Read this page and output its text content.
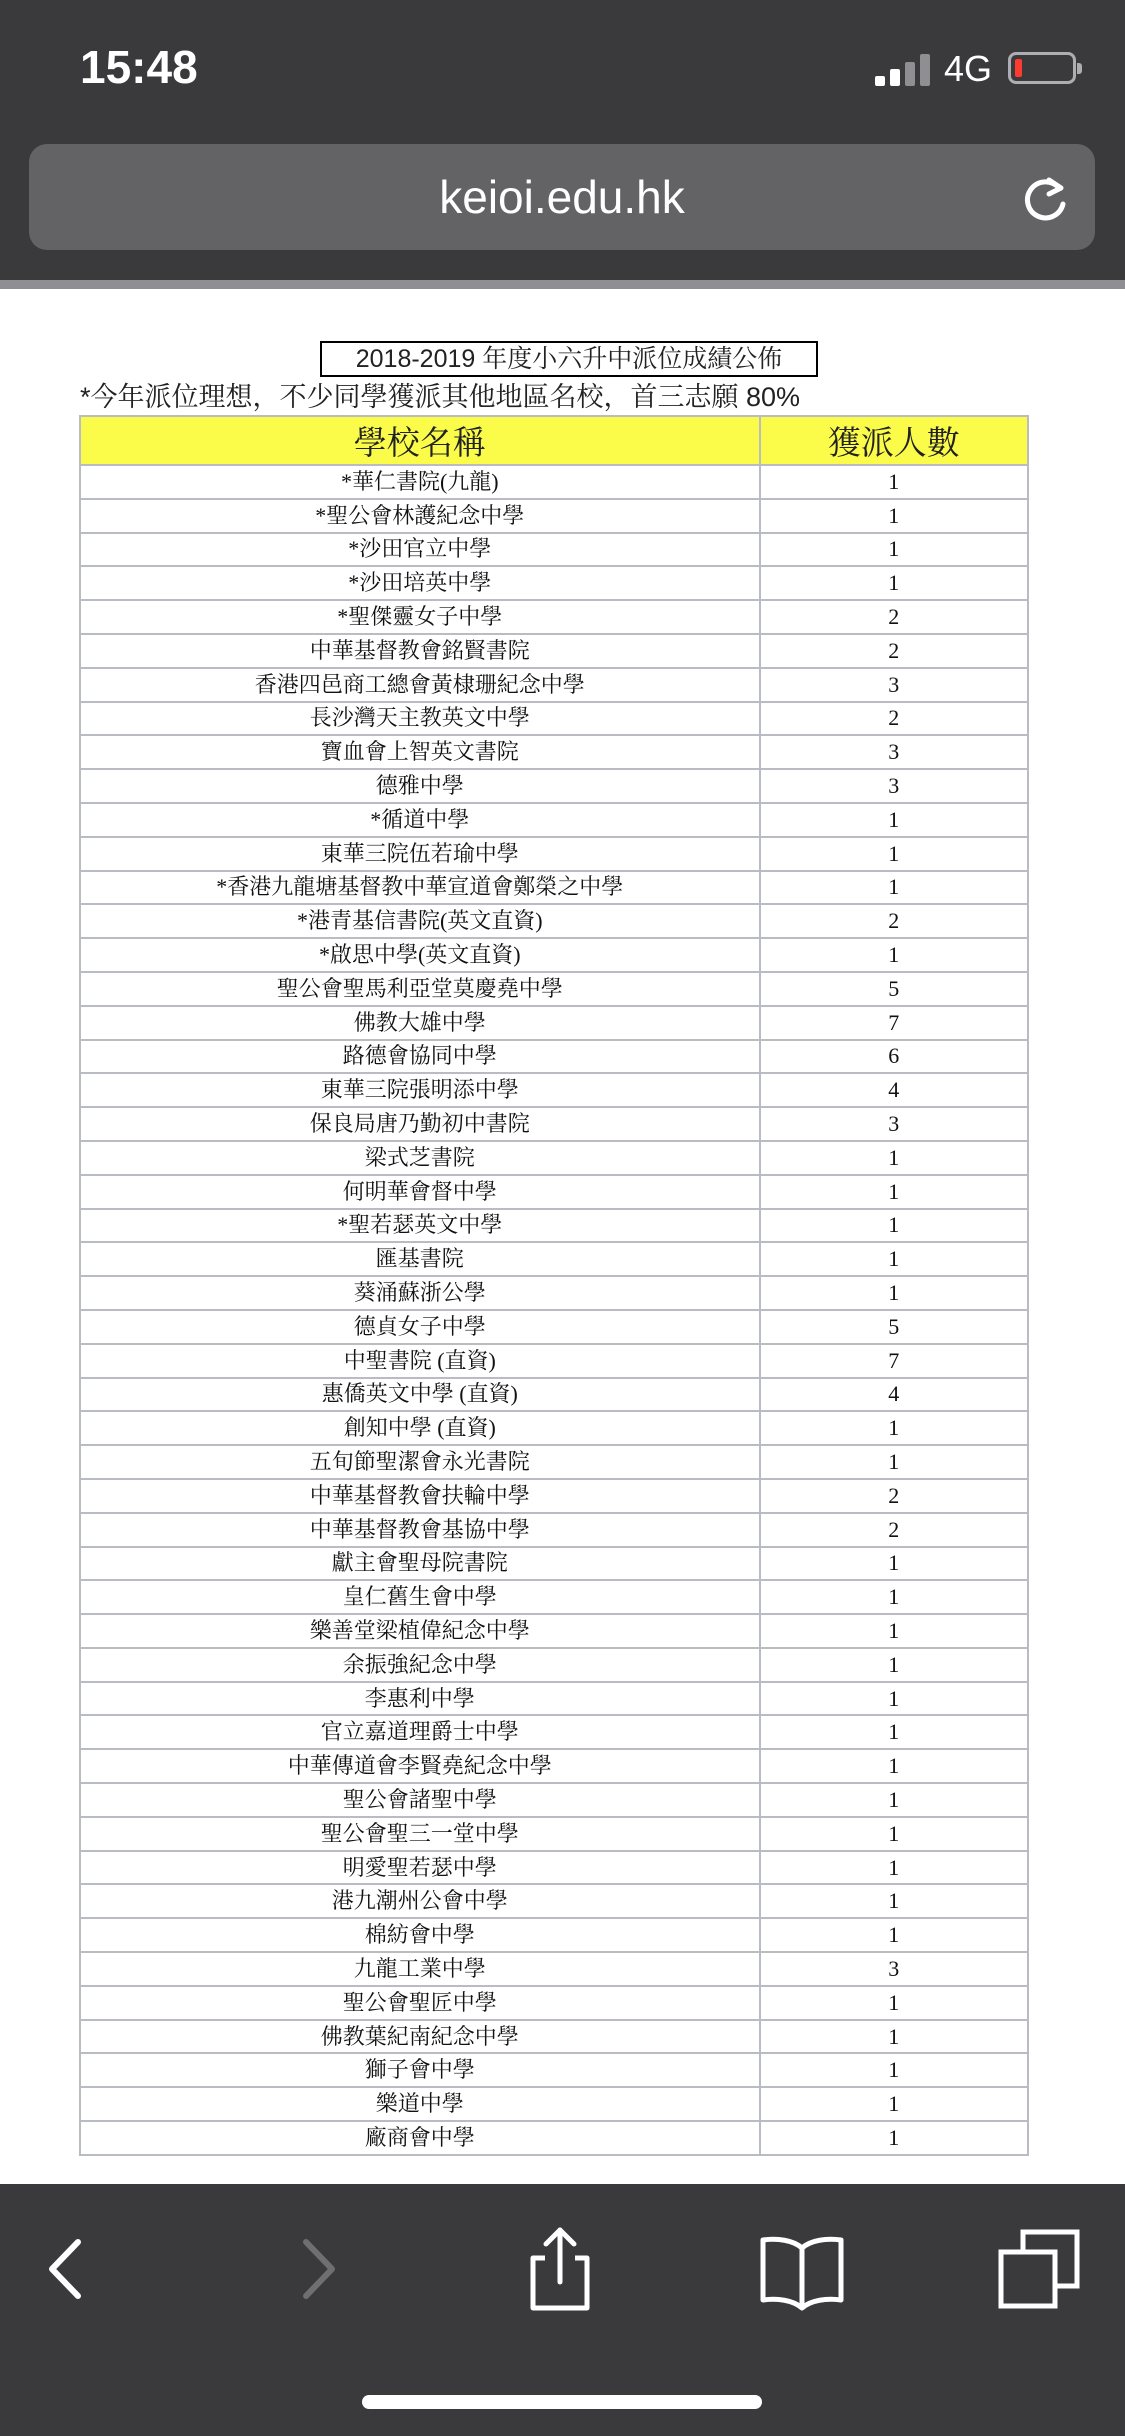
15:48	4G
keioi.edu.hk
2018-2019 年度小六升中派位成績公佈
*今年派位理想，不少同學獲派其他地區名校，首三志願 80%
學校名稱	獲派人數
*華仁書院(九龍)	1
*聖公會林護紀念中學	1
*沙田官立中學	1
*沙田培英中學	1
*聖傑靈女子中學	2
中華基督教會銘賢書院	2
香港四邑商工總會黃棣珊紀念中學	3
長沙灣天主教英文中學	2
寶血會上智英文書院	3
德雅中學	3
*循道中學	1
東華三院伍若瑜中學	1
*香港九龍塘基督教中華宣道會鄭榮之中學	1
*港青基信書院(英文直資)	2
*啟思中學(英文直資)	1
聖公會聖馬利亞堂莫慶堯中學	5
佛教大雄中學	7
路德會協同中學	6
東華三院張明添中學	4
保良局唐乃勤初中書院	3
梁式芝書院	1
何明華會督中學	1
*聖若瑟英文中學	1
匯基書院	1
葵涌蘇浙公學	1
德貞女子中學	5
中聖書院 (直資)	7
惠僑英文中學 (直資)	4
創知中學 (直資)	1
五旬節聖潔會永光書院	1
中華基督教會扶輪中學	2
中華基督教會基協中學	2
獻主會聖母院書院	1
皇仁舊生會中學	1
樂善堂梁植偉紀念中學	1
余振強紀念中學	1
李惠利中學	1
官立嘉道理爵士中學	1
中華傳道會李賢堯紀念中學	1
聖公會諸聖中學	1
聖公會聖三一堂中學	1
明愛聖若瑟中學	1
港九潮州公會中學	1
棉紡會中學	1
九龍工業中學	3
聖公會聖匠中學	1
佛教葉紀南紀念中學	1
獅子會中學	1
樂道中學	1
廠商會中學	1
